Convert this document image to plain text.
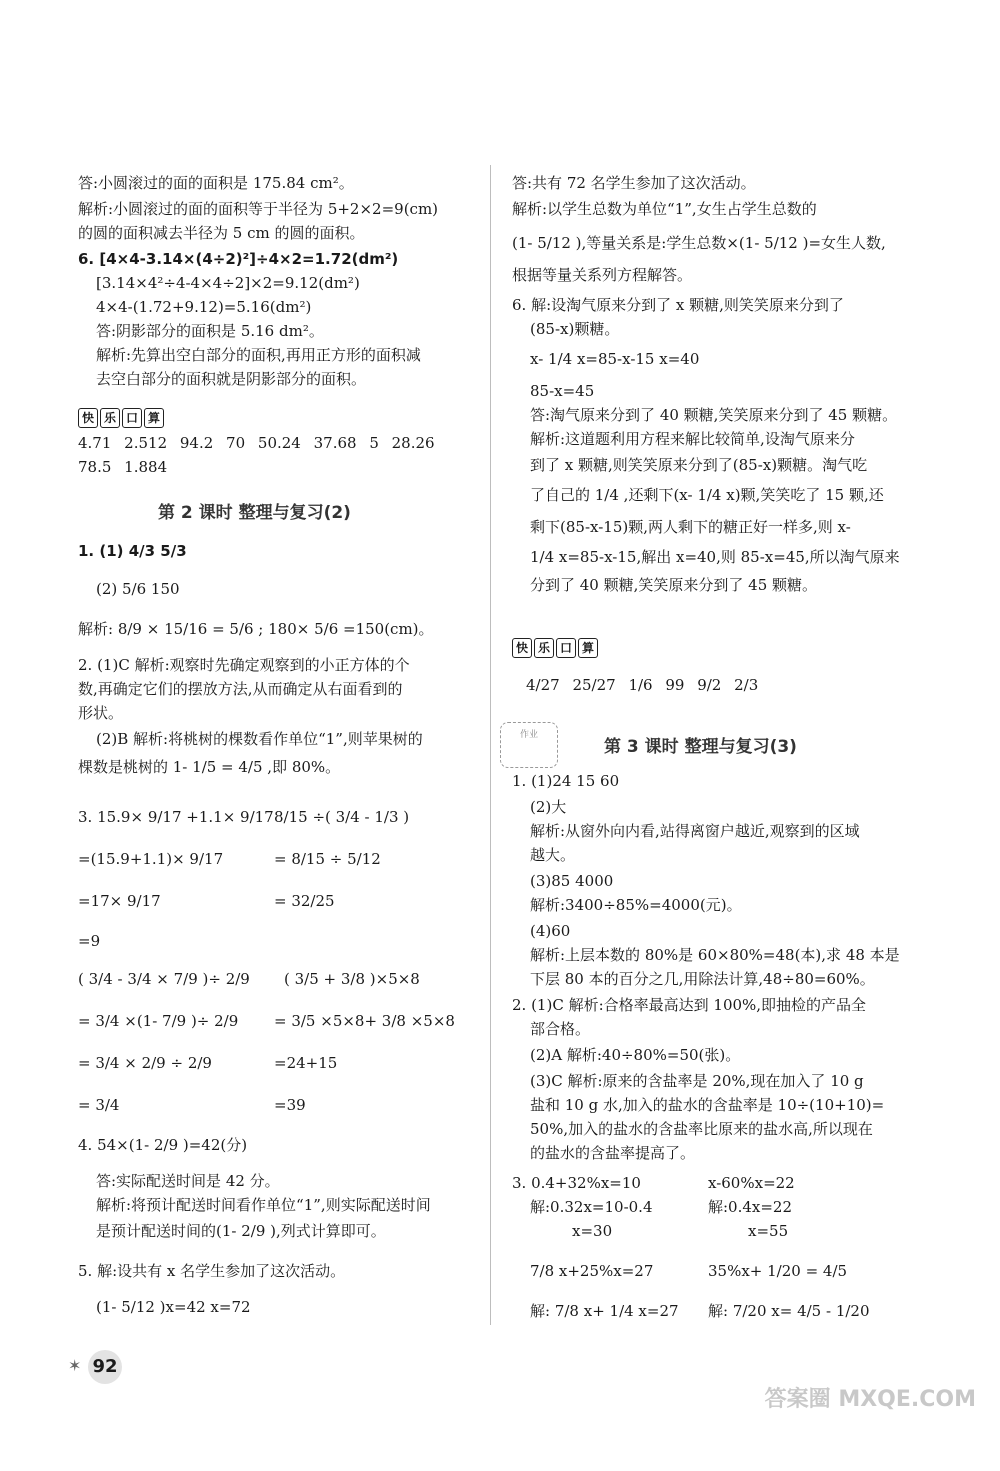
答:小圆滚过的面的面积是 175.84 cm²。
解析:小圆滚过的面的面积等于半径为 5+2×2=9(cm)
的圆的面积减去半径为 5 cm 的圆的面积。
6. [4×4-3.14×(4÷2)²]÷4×2=1.72(dm²)
[3.14×4²÷4-4×4÷2]×2=9.12(dm²)
4×4-(1.72+9.12)=5.16(dm²)
答:阴影部分的面积是 5.16 dm²。
解析:先算出空白部分的面积,再用正方形的面积减
去空白部分的面积就是阴影部分的面积。
快 乐 口 算
4.71 2.512 94.2 70 50.24 37.68 5 28.26
78.5 1.884
第 2 课时 整理与复习(2)
1. (1) 4/3 5/3
(2) 5/6 150
解析: 8/9 × 15/16 = 5/6 ; 180× 5/6 =150(cm)。
2. (1)C 解析:观察时先确定观察到的小正方体的个
数,再确定它们的摆放方法,从而确定从右面看到的
形状。
(2)B 解析:将桃树的棵数看作单位“1”,则苹果树的
棵数是桃树的 1- 1/5 = 4/5 ,即 80%。
3. 15.9× 9/17 +1.1× 9/17
=(15.9+1.1)× 9/17
=17× 9/17
=9
8/15 ÷( 3/4 - 1/3 )
= 8/15 ÷ 5/12
= 32/25
( 3/4 - 3/4 × 7/9 )÷ 2/9
= 3/4 ×(1- 7/9 )÷ 2/9
= 3/4 × 2/9 ÷ 2/9
= 3/4
( 3/5 + 3/8 )×5×8
= 3/5 ×5×8+ 3/8 ×5×8
=24+15
=39
4. 54×(1- 2/9 )=42(分)
答:实际配送时间是 42 分。
解析:将预计配送时间看作单位“1”,则实际配送时间
是预计配送时间的(1- 2/9 ),列式计算即可。
5. 解:设共有 x 名学生参加了这次活动。
(1- 5/12 )x=42 x=72
答:共有 72 名学生参加了这次活动。
解析:以学生总数为单位“1”,女生占学生总数的
(1- 5/12 ),等量关系是:学生总数×(1- 5/12 )=女生人数,
根据等量关系列方程解答。
6. 解:设淘气原来分到了 x 颗糖,则笑笑原来分到了
(85-x)颗糖。
x- 1/4 x=85-x-15 x=40
85-x=45
答:淘气原来分到了 40 颗糖,笑笑原来分到了 45 颗糖。
解析:这道题利用方程来解比较简单,设淘气原来分
到了 x 颗糖,则笑笑原来分到了(85-x)颗糖。淘气吃
了自己的 1/4 ,还剩下(x- 1/4 x)颗,笑笑吃了 15 颗,还
剩下(85-x-15)颗,两人剩下的糖正好一样多,则 x-
1/4 x=85-x-15,解出 x=40,则 85-x=45,所以淘气原来
分到了 40 颗糖,笑笑原来分到了 45 颗糖。
快 乐 口 算
4/27 25/27 1/6 99 9/2 2/3
第 3 课时 整理与复习(3)
1. (1)24 15 60
(2)大
解析:从窗外向内看,站得离窗户越近,观察到的区域
越大。
(3)85 4000
解析:3400÷85%=4000(元)。
(4)60
解析:上层本数的 80%是 60×80%=48(本),求 48 本是
下层 80 本的百分之几,用除法计算,48÷80=60%。
2. (1)C 解析:合格率最高达到 100%,即抽检的产品全
部合格。
(2)A 解析:40÷80%=50(张)。
(3)C 解析:原来的含盐率是 20%,现在加入了 10 g
盐和 10 g 水,加入的盐水的含盐率是 10÷(10+10)=
50%,加入的盐水的含盐率比原来的盐水高,所以现在
的盐水的含盐率提高了。
3. 0.4+32%x=10	x-60%x=22
解:0.32x=10-0.4	解:0.4x=22
x=30	x=55
7/8 x+25%x=27	35%x+ 1/20 = 4/5
解: 7/8 x+ 1/4 x=27 解: 7/20 x= 4/5 - 1/20
作业
✶ 92
答案圈 MXQE.COM
